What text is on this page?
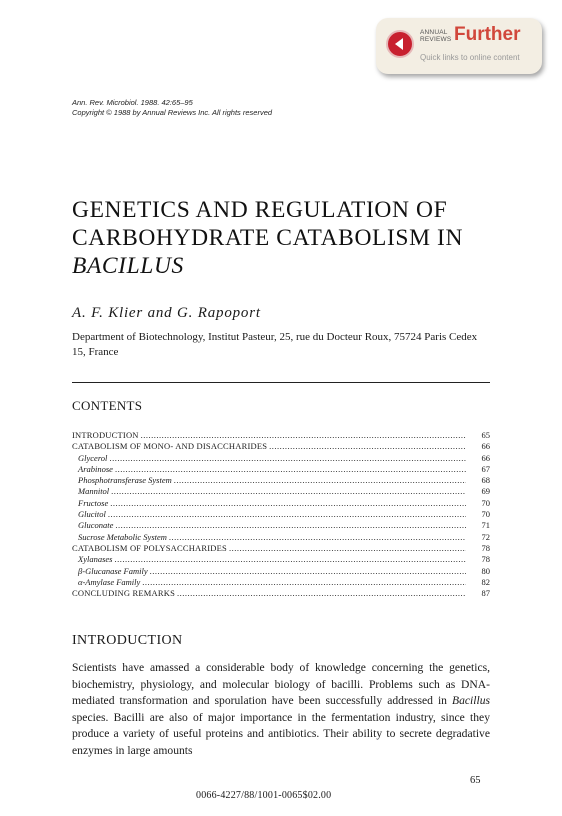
ANNUAL
REVIEWS Further
Quick links to online content
Ann. Rev. Microbiol. 1988. 42:65–95
Copyright © 1988 by Annual Reviews Inc. All rights reserved
GENETICS AND REGULATION OF
CARBOHYDRATE CATABOLISM IN
BACILLUS
A. F. Klier and G. Rapoport
Department of Biotechnology, Institut Pasteur, 25, rue du Docteur Roux, 75724 Paris Cedex 15, France
CONTENTS
INTRODUCTION .....	65
CATABOLISM OF MONO- AND DISACCHARIDES .....	66
Glycerol .....	66
Arabinose .....	67
Phosphotransferase System .....	68
Mannitol .....	69
Fructose .....	70
Glucitol .....	70
Gluconate .....	71
Sucrose Metabolic System .....	72
CATABOLISM OF POLYSACCHARIDES .....	78
Xylanases .....	78
β-Glucanase Family .....	80
α-Amylase Family .....	82
CONCLUDING REMARKS .....	87
INTRODUCTION
Scientists have amassed a considerable body of knowledge concerning the genetics, biochemistry, physiology, and molecular biology of bacilli. Problems such as DNA-mediated transformation and sporulation have been successfully addressed in Bacillus species. Bacilli are also of major importance in the fermentation industry, since they produce a variety of useful proteins and antibiotics. Their ability to secrete degradative enzymes in large amounts
65
0066-4227/88/1001-0065$02.00
